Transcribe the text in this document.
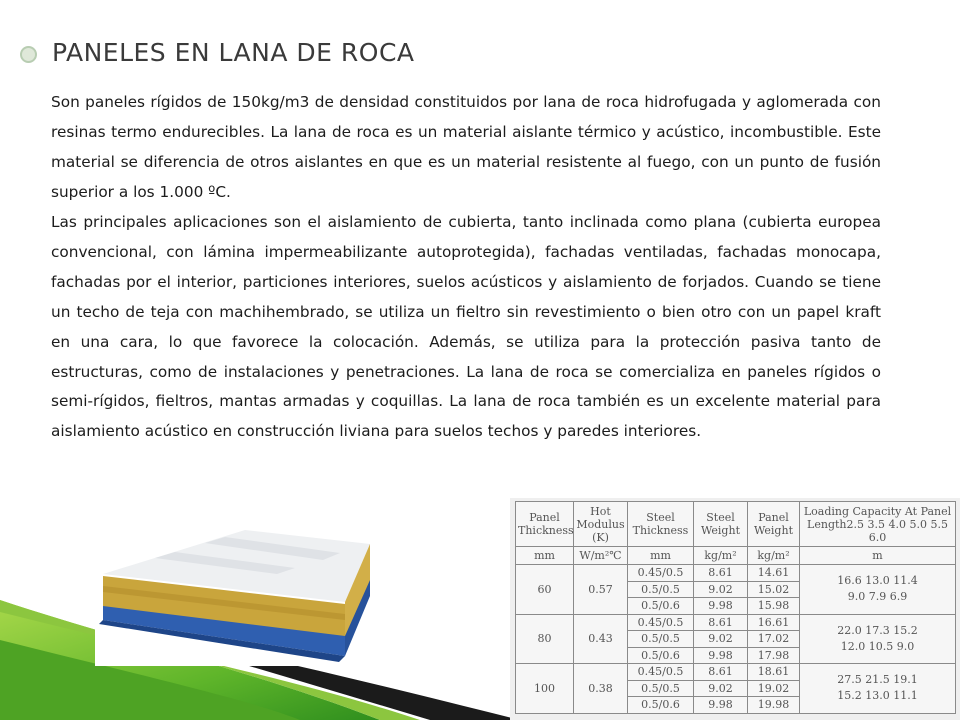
PANELES EN LANA DE ROCA

Son paneles rígidos de 150kg/m3 de densidad constituidos por lana de roca hidrofugada y aglomerada con resinas termo endurecibles. La lana de roca es un material aislante térmico y acústico, incombustible. Este material se diferencia de otros aislantes en que es un material resistente al fuego, con un punto de fusión superior a los 1.000 ºC.

Las principales aplicaciones son el aislamiento de cubierta, tanto inclinada como plana (cubierta europea convencional, con lámina impermeabilizante autoprotegida), fachadas ventiladas, fachadas monocapa, fachadas por el interior, particiones interiores, suelos acústicos y aislamiento de forjados. Cuando se tiene un techo de teja con machihembrado, se utiliza un fieltro sin revestimiento o bien otro con un papel kraft en una cara, lo que favorece la colocación. Además, se utiliza para la protección pasiva tanto de estructuras, como de instalaciones y penetraciones. La lana de roca se comercializa en paneles rígidos o semi-rígidos, fieltros, mantas armadas y coquillas. La lana de roca también es un excelente material para aislamiento acústico en construcción liviana para suelos techos y paredes interiores.

Panel Thickness	Hot Modulus (K)	Steel Thickness	Steel Weight	Panel Weight	Loading Capacity At Panel Length2.5 3.5 4.0 5.0 5.5 6.0
mm	W/m²℃	mm	kg/m²	kg/m²	m
60	0.57	0.45/0.5	8.61	14.61	16.6 13.0 11.4
9.0 7.9 6.9

		0.5/0.5	9.02	15.02	
		0.5/0.6	9.98	15.98	
80	0.43	0.45/0.5	8.61	16.61	22.0 17.3 15.2
12.0 10.5 9.0

		0.5/0.5	9.02	17.02	
		0.5/0.6	9.98	17.98	
100	0.38	0.45/0.5	8.61	18.61	27.5 21.5 19.1
15.2 13.0 11.1

		0.5/0.5	9.02	19.02	
		0.5/0.6	9.98	19.98	
